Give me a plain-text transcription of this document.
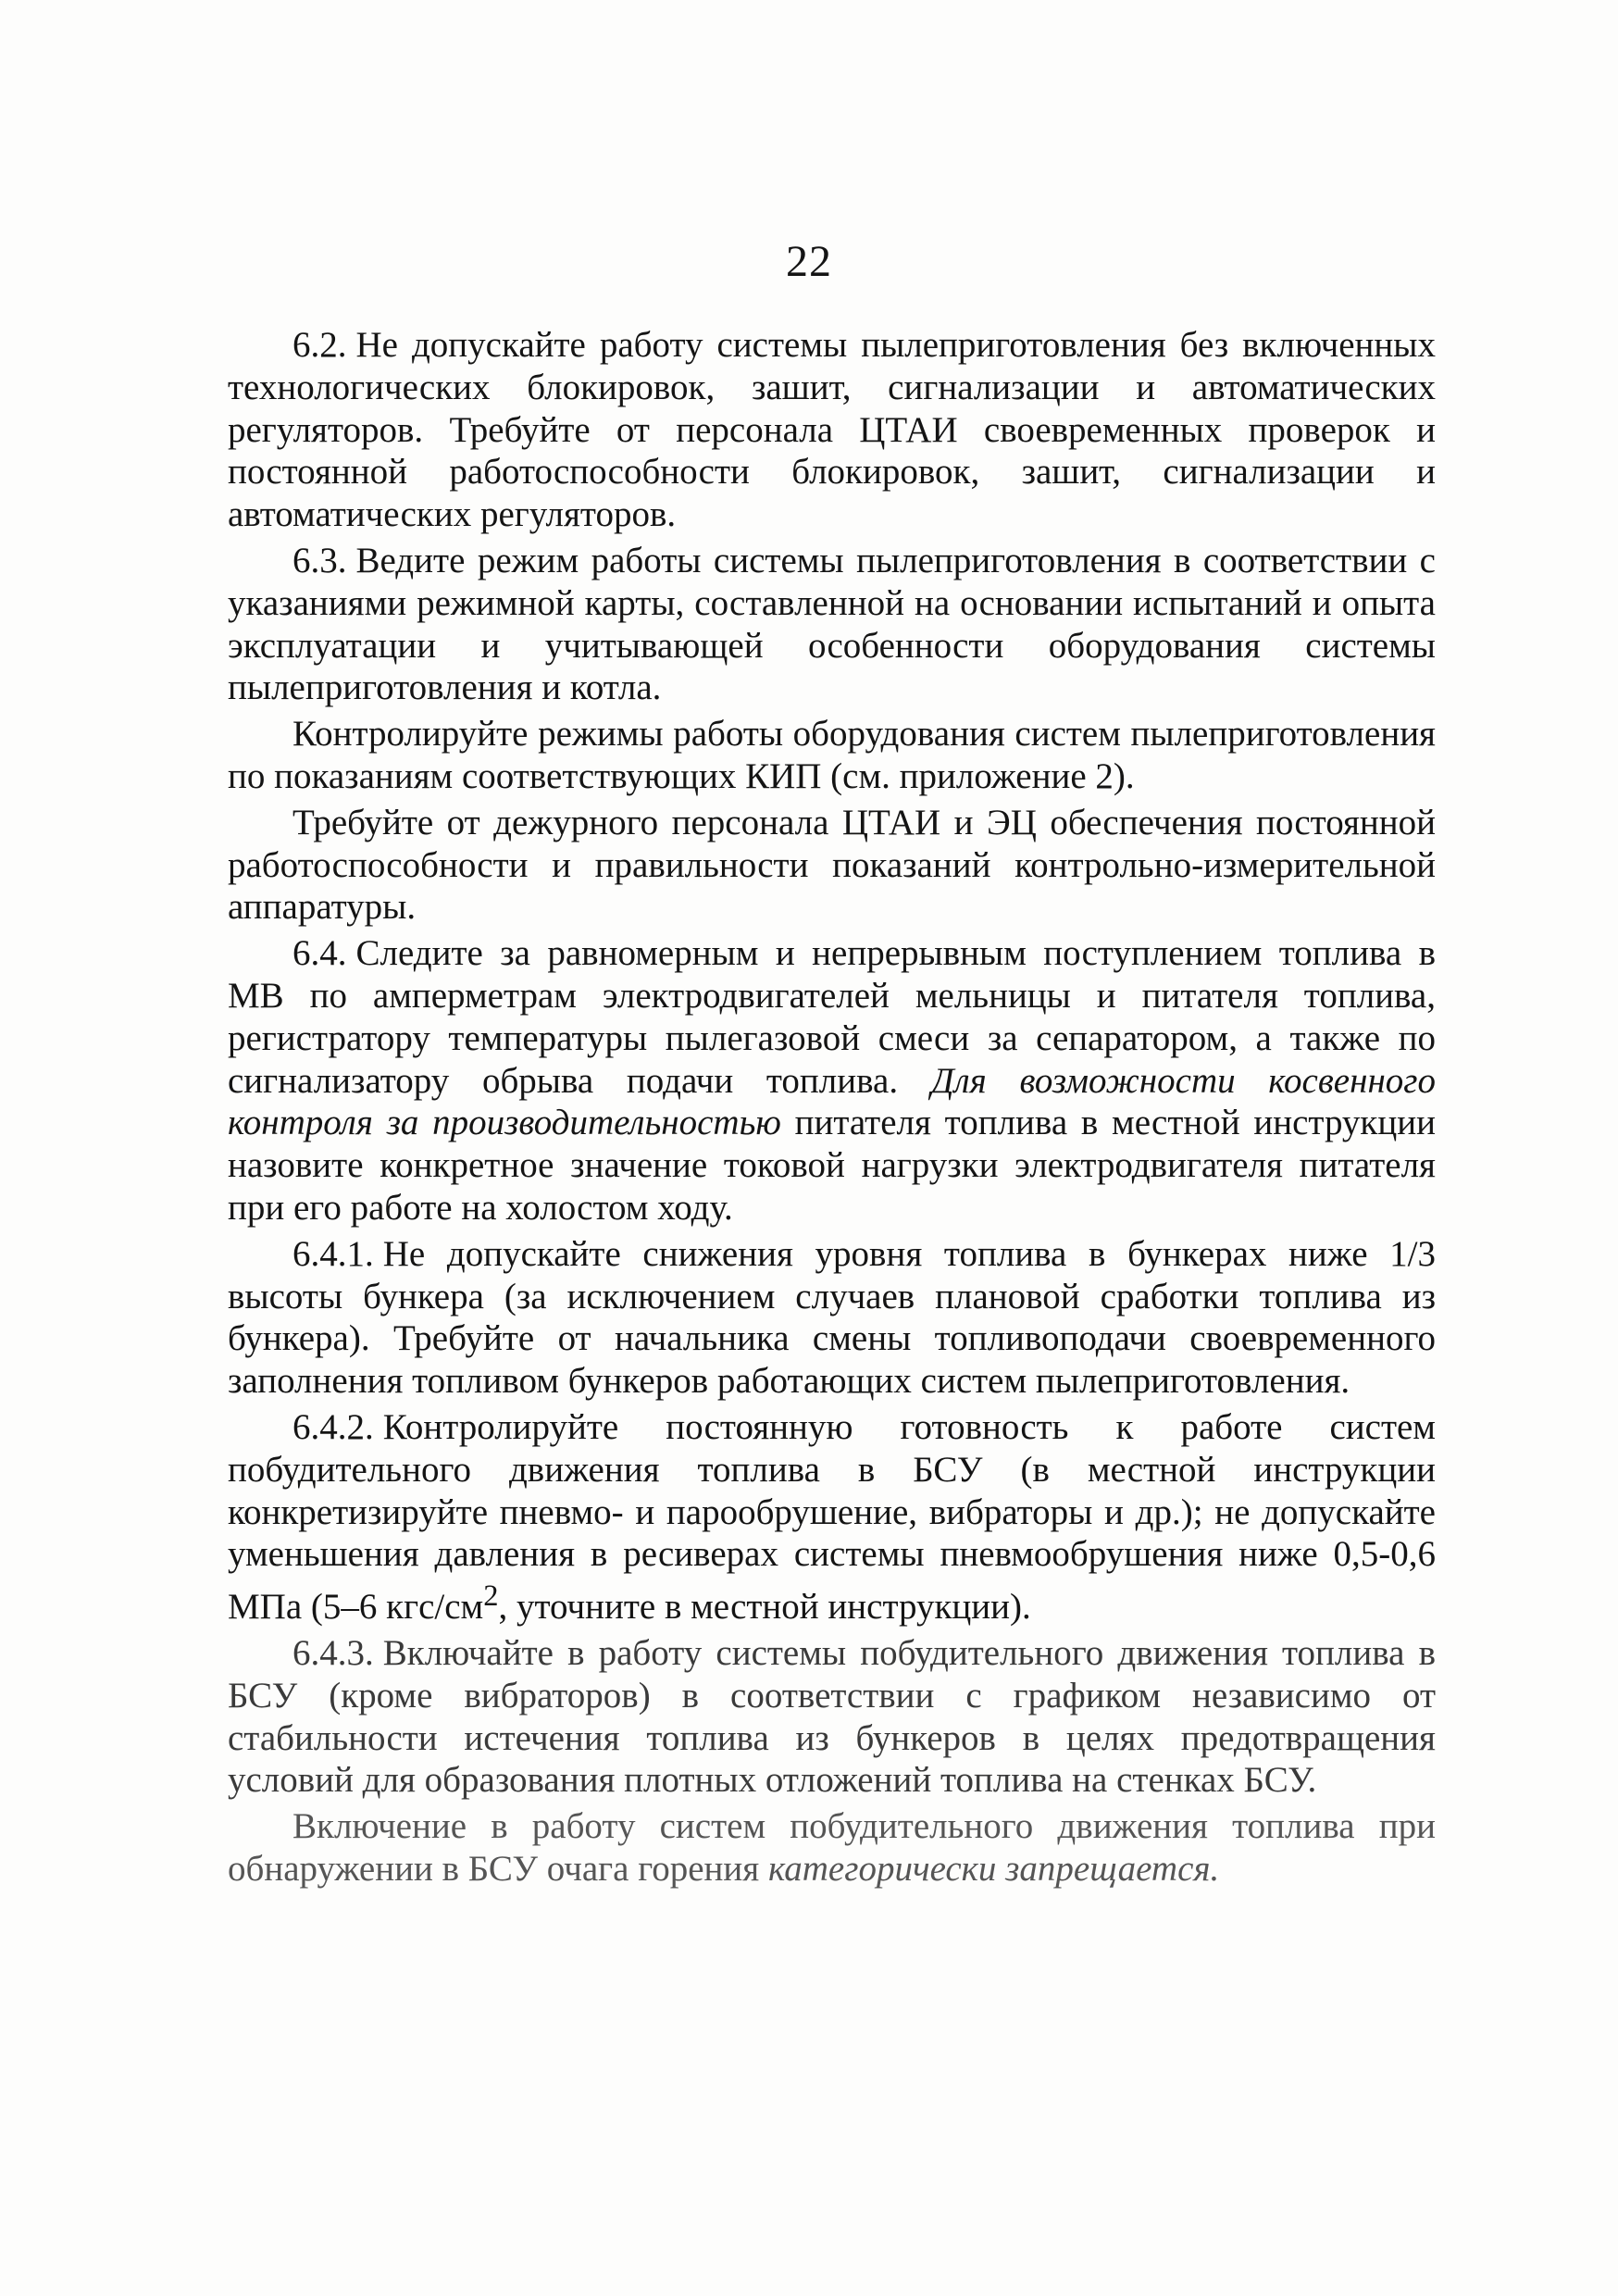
22

6.2. Не допускайте работу системы пылеприготовления без включенных технологических блокировок, зашит, сигнализации и автоматических регуляторов. Требуйте от персонала ЦТАИ своевременных проверок и постоянной работоспособности блокировок, зашит, сигнализации и автоматических регуляторов.

6.3. Ведите режим работы системы пылеприготовления в соответствии с указаниями режимной карты, составленной на основании испытаний и опыта эксплуатации и учитывающей особенности оборудования системы пылеприготовления и котла.

Контролируйте режимы работы оборудования систем пылеприготовления по показаниям соответствующих КИП (см. приложение 2).

Требуйте от дежурного персонала ЦТАИ и ЭЦ обеспечения постоянной работоспособности и правильности показаний контрольно-измерительной аппаратуры.

6.4. Следите за равномерным и непрерывным поступлением топлива в МВ по амперметрам электродвигателей мельницы и питателя топлива, регистратору температуры пылегазовой смеси за сепаратором, а также по сигнализатору обрыва подачи топлива. Для возможности косвенного контроля за производительностью питателя топлива в местной инструкции назовите конкретное значение токовой нагрузки электродвигателя питателя при его работе на холостом ходу.

6.4.1. Не допускайте снижения уровня топлива в бункерах ниже 1/3 высоты бункера (за исключением случаев плановой сработки топлива из бункера). Требуйте от начальника смены топливоподачи своевременного заполнения топливом бункеров работающих систем пылеприготовления.

6.4.2. Контролируйте постоянную готовность к работе систем побудительного движения топлива в БСУ (в местной инструкции конкретизируйте пневмо- и парообрушение, вибраторы и др.); не допускайте уменьшения давления в ресиверах системы пневмообрушения ниже 0,5-0,6 МПа (5–6 кгс/$см^2$, уточните в местной инструкции).

6.4.3. Включайте в работу системы побудительного движения топлива в БСУ (кроме вибраторов) в соответствии с графиком независимо от стабильности истечения топлива из бункеров в целях предотвращения условий для образования плотных отложений топлива на стенках БСУ.

Включение в работу систем побудительного движения топлива при обнаружении в БСУ очага горения категорически запрещается.
